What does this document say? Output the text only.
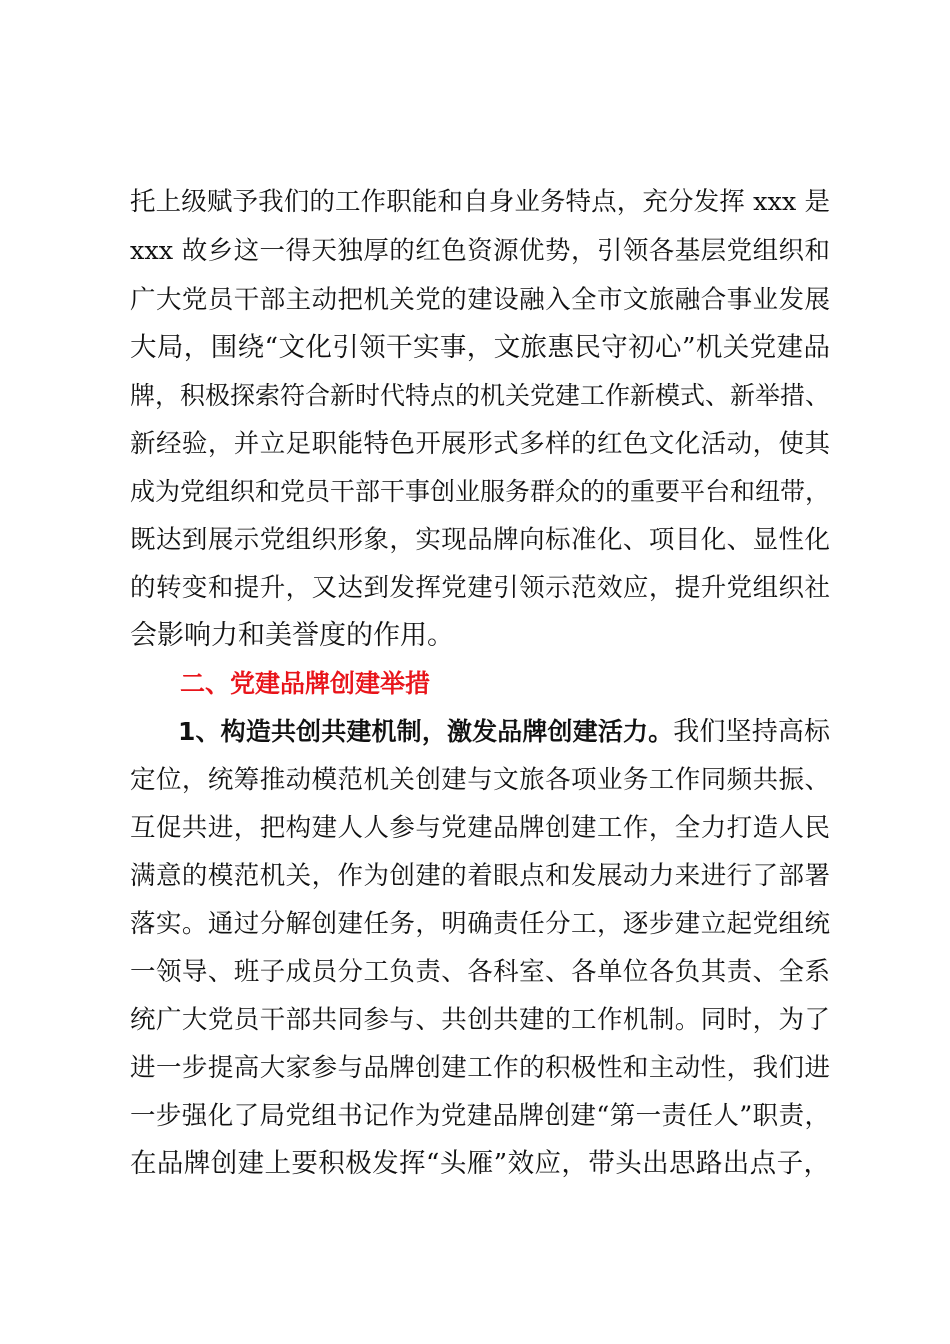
托上级赋予我们的工作职能和自身业务特点，充分发挥 xxx 是
xxx 故乡这一得天独厚的红色资源优势，引领各基层党组织和
广大党员干部主动把机关党的建设融入全市文旅融合事业发展
大局，围绕“文化引领干实事，文旅惠民守初心”机关党建品
牌，积极探索符合新时代特点的机关党建工作新模式、新举措、
新经验，并立足职能特色开展形式多样的红色文化活动，使其
成为党组织和党员干部干事创业服务群众的的重要平台和纽带，
既达到展示党组织形象，实现品牌向标准化、项目化、显性化
的转变和提升，又达到发挥党建引领示范效应，提升党组织社
会影响力和美誉度的作用。
二、党建品牌创建举措
1、构造共创共建机制，激发品牌创建活力。我们坚持高标
定位，统筹推动模范机关创建与文旅各项业务工作同频共振、
互促共进，把构建人人参与党建品牌创建工作，全力打造人民
满意的模范机关，作为创建的着眼点和发展动力来进行了部署
落实。通过分解创建任务，明确责任分工，逐步建立起党组统
一领导、班子成员分工负责、各科室、各单位各负其责、全系
统广大党员干部共同参与、共创共建的工作机制。同时，为了
进一步提高大家参与品牌创建工作的积极性和主动性，我们进
一步强化了局党组书记作为党建品牌创建“第一责任人”职责，
在品牌创建上要积极发挥“头雁”效应，带头出思路出点子，
